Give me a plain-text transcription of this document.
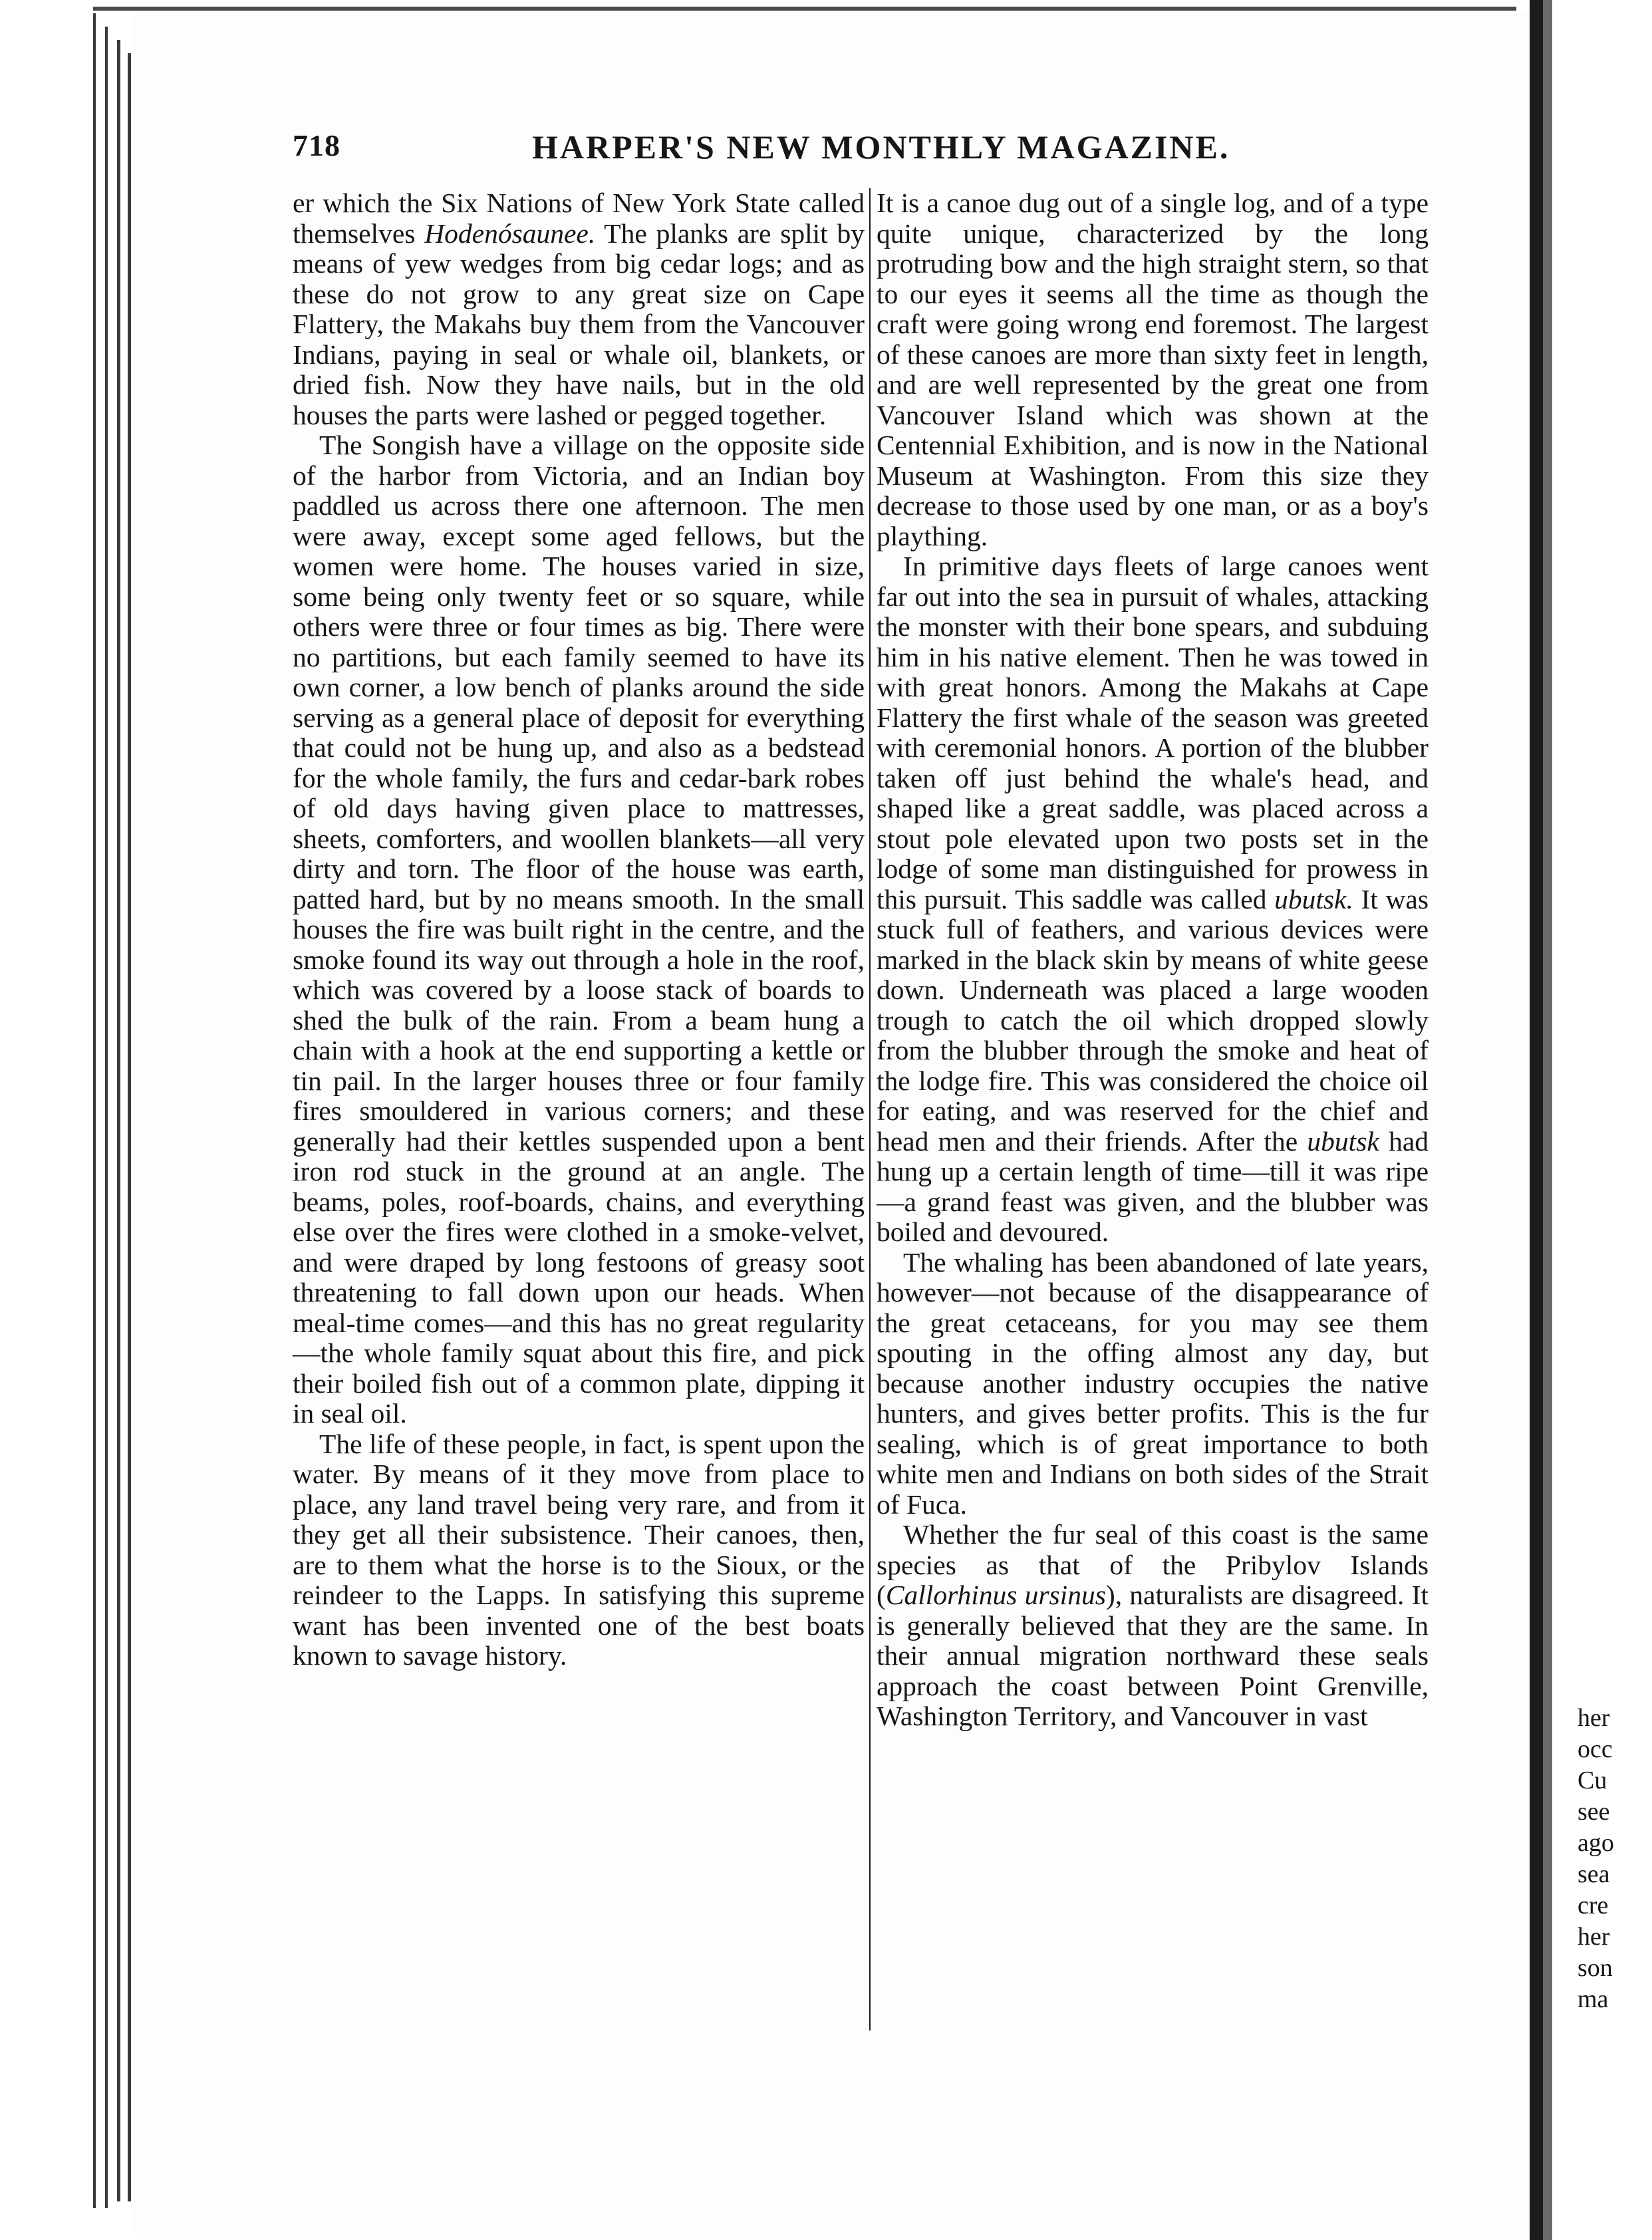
718	HARPER'S NEW MONTHLY MAGAZINE.

er which the Six Nations of New York State called themselves Hodenósaunee. The planks are split by means of yew wedges from big cedar logs; and as these do not grow to any great size on Cape Flattery, the Makahs buy them from the Vancouver Indians, paying in seal or whale oil, blankets, or dried fish. Now they have nails, but in the old houses the parts were lashed or pegged together.

The Songish have a village on the opposite side of the harbor from Victoria, and an Indian boy paddled us across there one afternoon. The men were away, except some aged fellows, but the women were home. The houses varied in size, some being only twenty feet or so square, while others were three or four times as big. There were no partitions, but each family seemed to have its own corner, a low bench of planks around the side serving as a general place of deposit for everything that could not be hung up, and also as a bedstead for the whole family, the furs and cedar-bark robes of old days having given place to mattresses, sheets, comforters, and woollen blankets—all very dirty and torn. The floor of the house was earth, patted hard, but by no means smooth. In the small houses the fire was built right in the centre, and the smoke found its way out through a hole in the roof, which was covered by a loose stack of boards to shed the bulk of the rain. From a beam hung a chain with a hook at the end supporting a kettle or tin pail. In the larger houses three or four family fires smouldered in various corners; and these generally had their kettles suspended upon a bent iron rod stuck in the ground at an angle. The beams, poles, roof-boards, chains, and everything else over the fires were clothed in a smoke-velvet, and were draped by long festoons of greasy soot threatening to fall down upon our heads. When meal-time comes—and this has no great regularity—the whole family squat about this fire, and pick their boiled fish out of a common plate, dipping it in seal oil.

The life of these people, in fact, is spent upon the water. By means of it they move from place to place, any land travel being very rare, and from it they get all their subsistence. Their canoes, then, are to them what the horse is to the Sioux, or the reindeer to the Lapps. In satisfying this supreme want has been invented one of the best boats known to savage history.

It is a canoe dug out of a single log, and of a type quite unique, characterized by the long protruding bow and the high straight stern, so that to our eyes it seems all the time as though the craft were going wrong end foremost. The largest of these canoes are more than sixty feet in length, and are well represented by the great one from Vancouver Island which was shown at the Centennial Exhibition, and is now in the National Museum at Washington. From this size they decrease to those used by one man, or as a boy's plaything.

In primitive days fleets of large canoes went far out into the sea in pursuit of whales, attacking the monster with their bone spears, and subduing him in his native element. Then he was towed in with great honors. Among the Makahs at Cape Flattery the first whale of the season was greeted with ceremonial honors. A portion of the blubber taken off just behind the whale's head, and shaped like a great saddle, was placed across a stout pole elevated upon two posts set in the lodge of some man distinguished for prowess in this pursuit. This saddle was called ubutsk. It was stuck full of feathers, and various devices were marked in the black skin by means of white geese down. Underneath was placed a large wooden trough to catch the oil which dropped slowly from the blubber through the smoke and heat of the lodge fire. This was considered the choice oil for eating, and was reserved for the chief and head men and their friends. After the ubutsk had hung up a certain length of time—till it was ripe—a grand feast was given, and the blubber was boiled and devoured.

The whaling has been abandoned of late years, however—not because of the disappearance of the great cetaceans, for you may see them spouting in the offing almost any day, but because another industry occupies the native hunters, and gives better profits. This is the fur sealing, which is of great importance to both white men and Indians on both sides of the Strait of Fuca.

Whether the fur seal of this coast is the same species as that of the Pribylov Islands (Callorhinus ursinus), naturalists are disagreed. It is generally believed that they are the same. In their annual migration northward these seals approach the coast between Point Grenville, Washington Territory, and Vancouver in vast	her
occ
Cu
see
ago
sea
cre
her
son
ma
